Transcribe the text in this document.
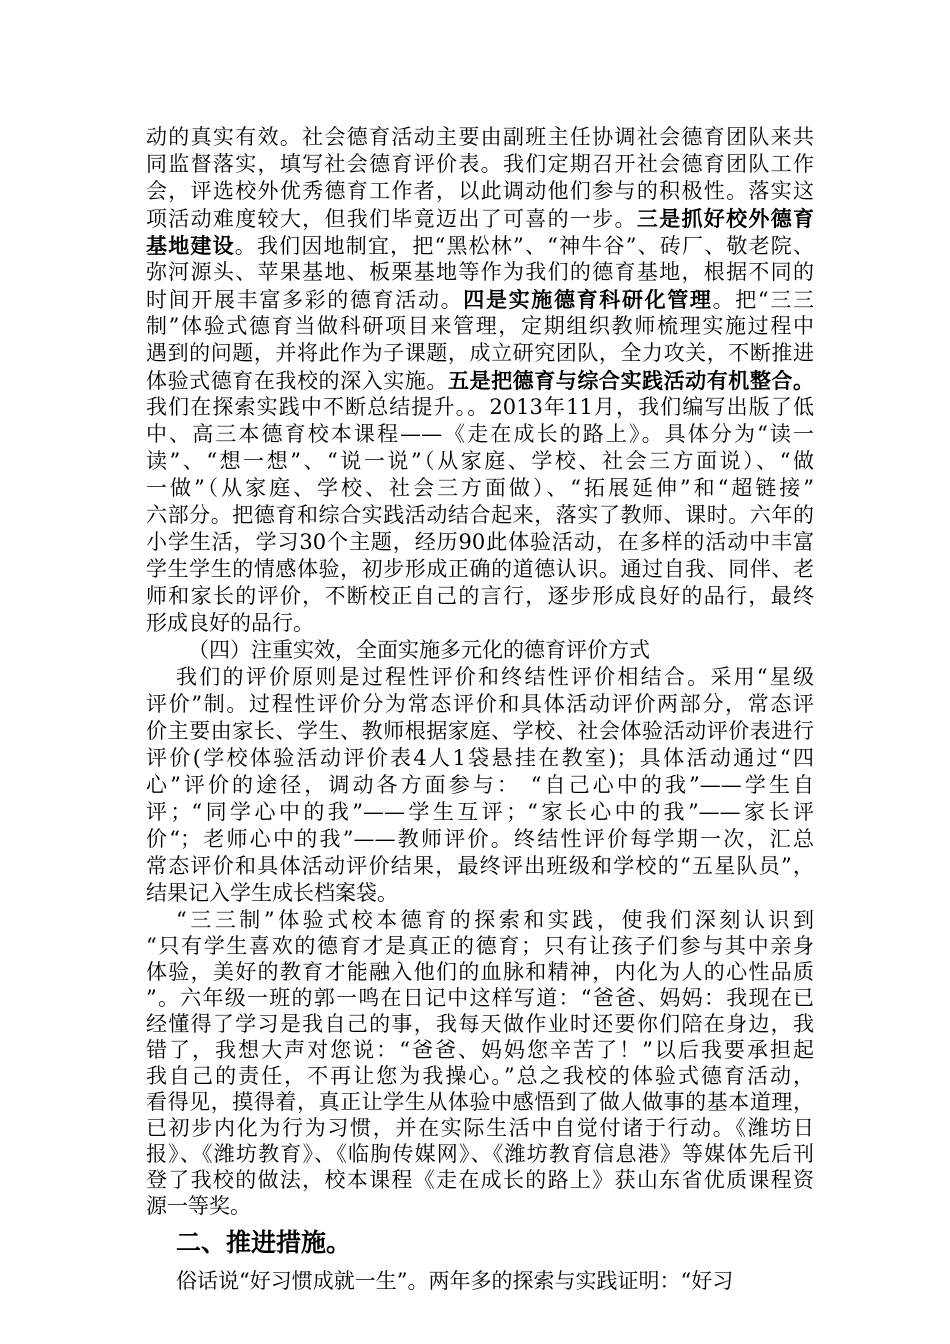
动的真实有效。社会德育活动主要由副班主任协调社会德育团队来共
同监督落实，填写社会德育评价表。我们定期召开社会德育团队工作
会，评选校外优秀德育工作者，以此调动他们参与的积极性。落实这
项活动难度较大，但我们毕竟迈出了可喜的一步。三是抓好校外德育
基地建设。我们因地制宜，把“黑松林”、“神牛谷”、砖厂、敬老院、
弥河源头、苹果基地、板栗基地等作为我们的德育基地，根据不同的
时间开展丰富多彩的德育活动。四是实施德育科研化管理。把“三三
制”体验式德育当做科研项目来管理，定期组织教师梳理实施过程中
遇到的问题，并将此作为子课题，成立研究团队，全力攻关，不断推进
体验式德育在我校的深入实施。五是把德育与综合实践活动有机整合。
我们在探索实践中不断总结提升。。2013年11月，我们编写出版了低
中、高三本德育校本课程——《走在成长的路上》。具体分为“读一
读”、“想一想”、“说一说”（从家庭、学校、社会三方面说）、“做
一做”（从家庭、学校、社会三方面做）、“拓展延伸”和“超链接”
六部分。把德育和综合实践活动结合起来，落实了教师、课时。六年的
小学生活，学习30个主题，经历90此体验活动，在多样的活动中丰富
学生学生的情感体验，初步形成正确的道德认识。通过自我、同伴、老
师和家长的评价，不断校正自己的言行，逐步形成良好的品行，最终
形成良好的品行。
（四）注重实效，全面实施多元化的德育评价方式
我们的评价原则是过程性评价和终结性评价相结合。采用“星级
评价”制。过程性评价分为常态评价和具体活动评价两部分，常态评
价主要由家长、学生、教师根据家庭、学校、社会体验活动评价表进行
评价(学校体验活动评价表4人1袋悬挂在教室)；具体活动通过“四
心”评价的途径，调动各方面参与： “自己心中的我”——学生自
评；“同学心中的我”——学生互评；“家长心中的我”——家长评
价“；老师心中的我”——教师评价。终结性评价每学期一次，汇总
常态评价和具体活动评价结果，最终评出班级和学校的“五星队员”，
结果记入学生成长档案袋。
“三三制”体验式校本德育的探索和实践，使我们深刻认识到
“只有学生喜欢的德育才是真正的德育；只有让孩子们参与其中亲身
体验，美好的教育才能融入他们的血脉和精神，内化为人的心性品质
”。六年级一班的郭一鸣在日记中这样写道：“爸爸、妈妈：我现在已
经懂得了学习是我自己的事，我每天做作业时还要你们陪在身边，我
错了，我想大声对您说：“爸爸、妈妈您辛苦了！”以后我要承担起
我自己的责任，不再让您为我操心。”总之我校的体验式德育活动，
看得见，摸得着，真正让学生从体验中感悟到了做人做事的基本道理，
已初步内化为行为习惯，并在实际生活中自觉付诸于行动。《潍坊日
报》、《潍坊教育》、《临朐传媒网》、《潍坊教育信息港》等媒体先后刊
登了我校的做法，校本课程《走在成长的路上》获山东省优质课程资
源一等奖。
二、推进措施。
俗话说“好习惯成就一生”。两年多的探索与实践证明：“好习
